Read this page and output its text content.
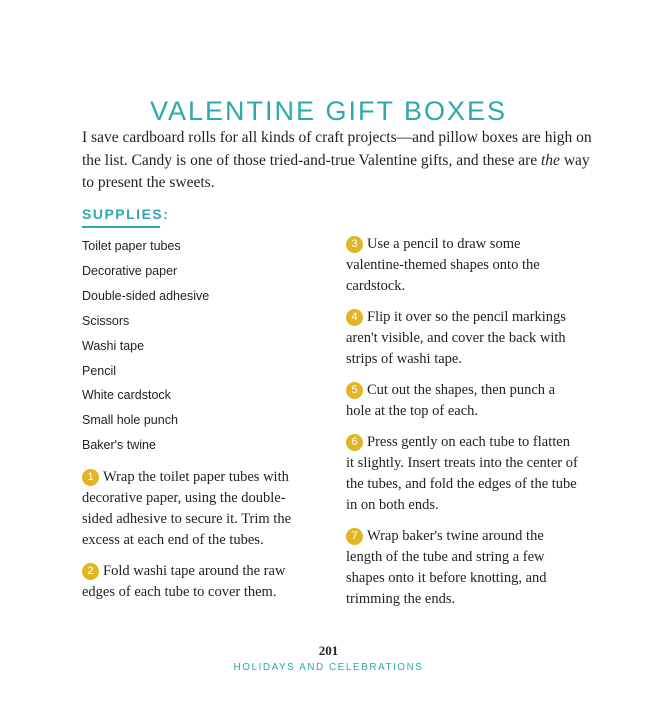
VALENTINE GIFT BOXES

I save cardboard rolls for all kinds of craft projects—and pillow boxes are high on the list. Candy is one of those tried-and-true Valentine gifts, and these are the way to present the sweets.

SUPPLIES:
Toilet paper tubes
Decorative paper
Double-sided adhesive
Scissors
Washi tape
Pencil
White cardstock
Small hole punch
Baker's twine

1 Wrap the toilet paper tubes with decorative paper, using the double-sided adhesive to secure it. Trim the excess at each end of the tubes.

2 Fold washi tape around the raw edges of each tube to cover them.

3 Use a pencil to draw some valentine-themed shapes onto the cardstock.

4 Flip it over so the pencil markings aren't visible, and cover the back with strips of washi tape.

5 Cut out the shapes, then punch a hole at the top of each.

6 Press gently on each tube to flatten it slightly. Insert treats into the center of the tubes, and fold the edges of the tube in on both ends.

7 Wrap baker's twine around the length of the tube and string a few shapes onto it before knotting, and trimming the ends.

201
HOLIDAYS AND CELEBRATIONS
